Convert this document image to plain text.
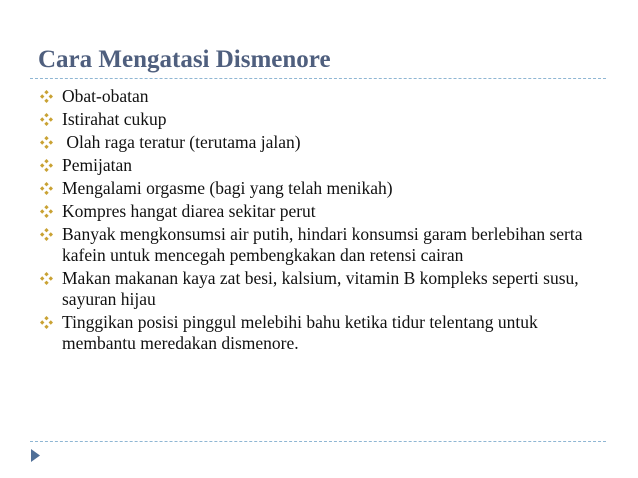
Cara Mengatasi Dismenore
Obat-obatan
Istirahat cukup
Olah raga teratur (terutama jalan)
Pemijatan
Mengalami orgasme (bagi yang telah menikah)
Kompres hangat diarea sekitar perut
Banyak mengkonsumsi air putih, hindari konsumsi garam berlebihan serta kafein untuk mencegah pembengkakan dan retensi cairan
Makan makanan kaya zat besi, kalsium, vitamin B kompleks seperti susu, sayuran hijau
Tinggikan posisi pinggul melebihi bahu ketika tidur telentang untuk membantu meredakan dismenore.
